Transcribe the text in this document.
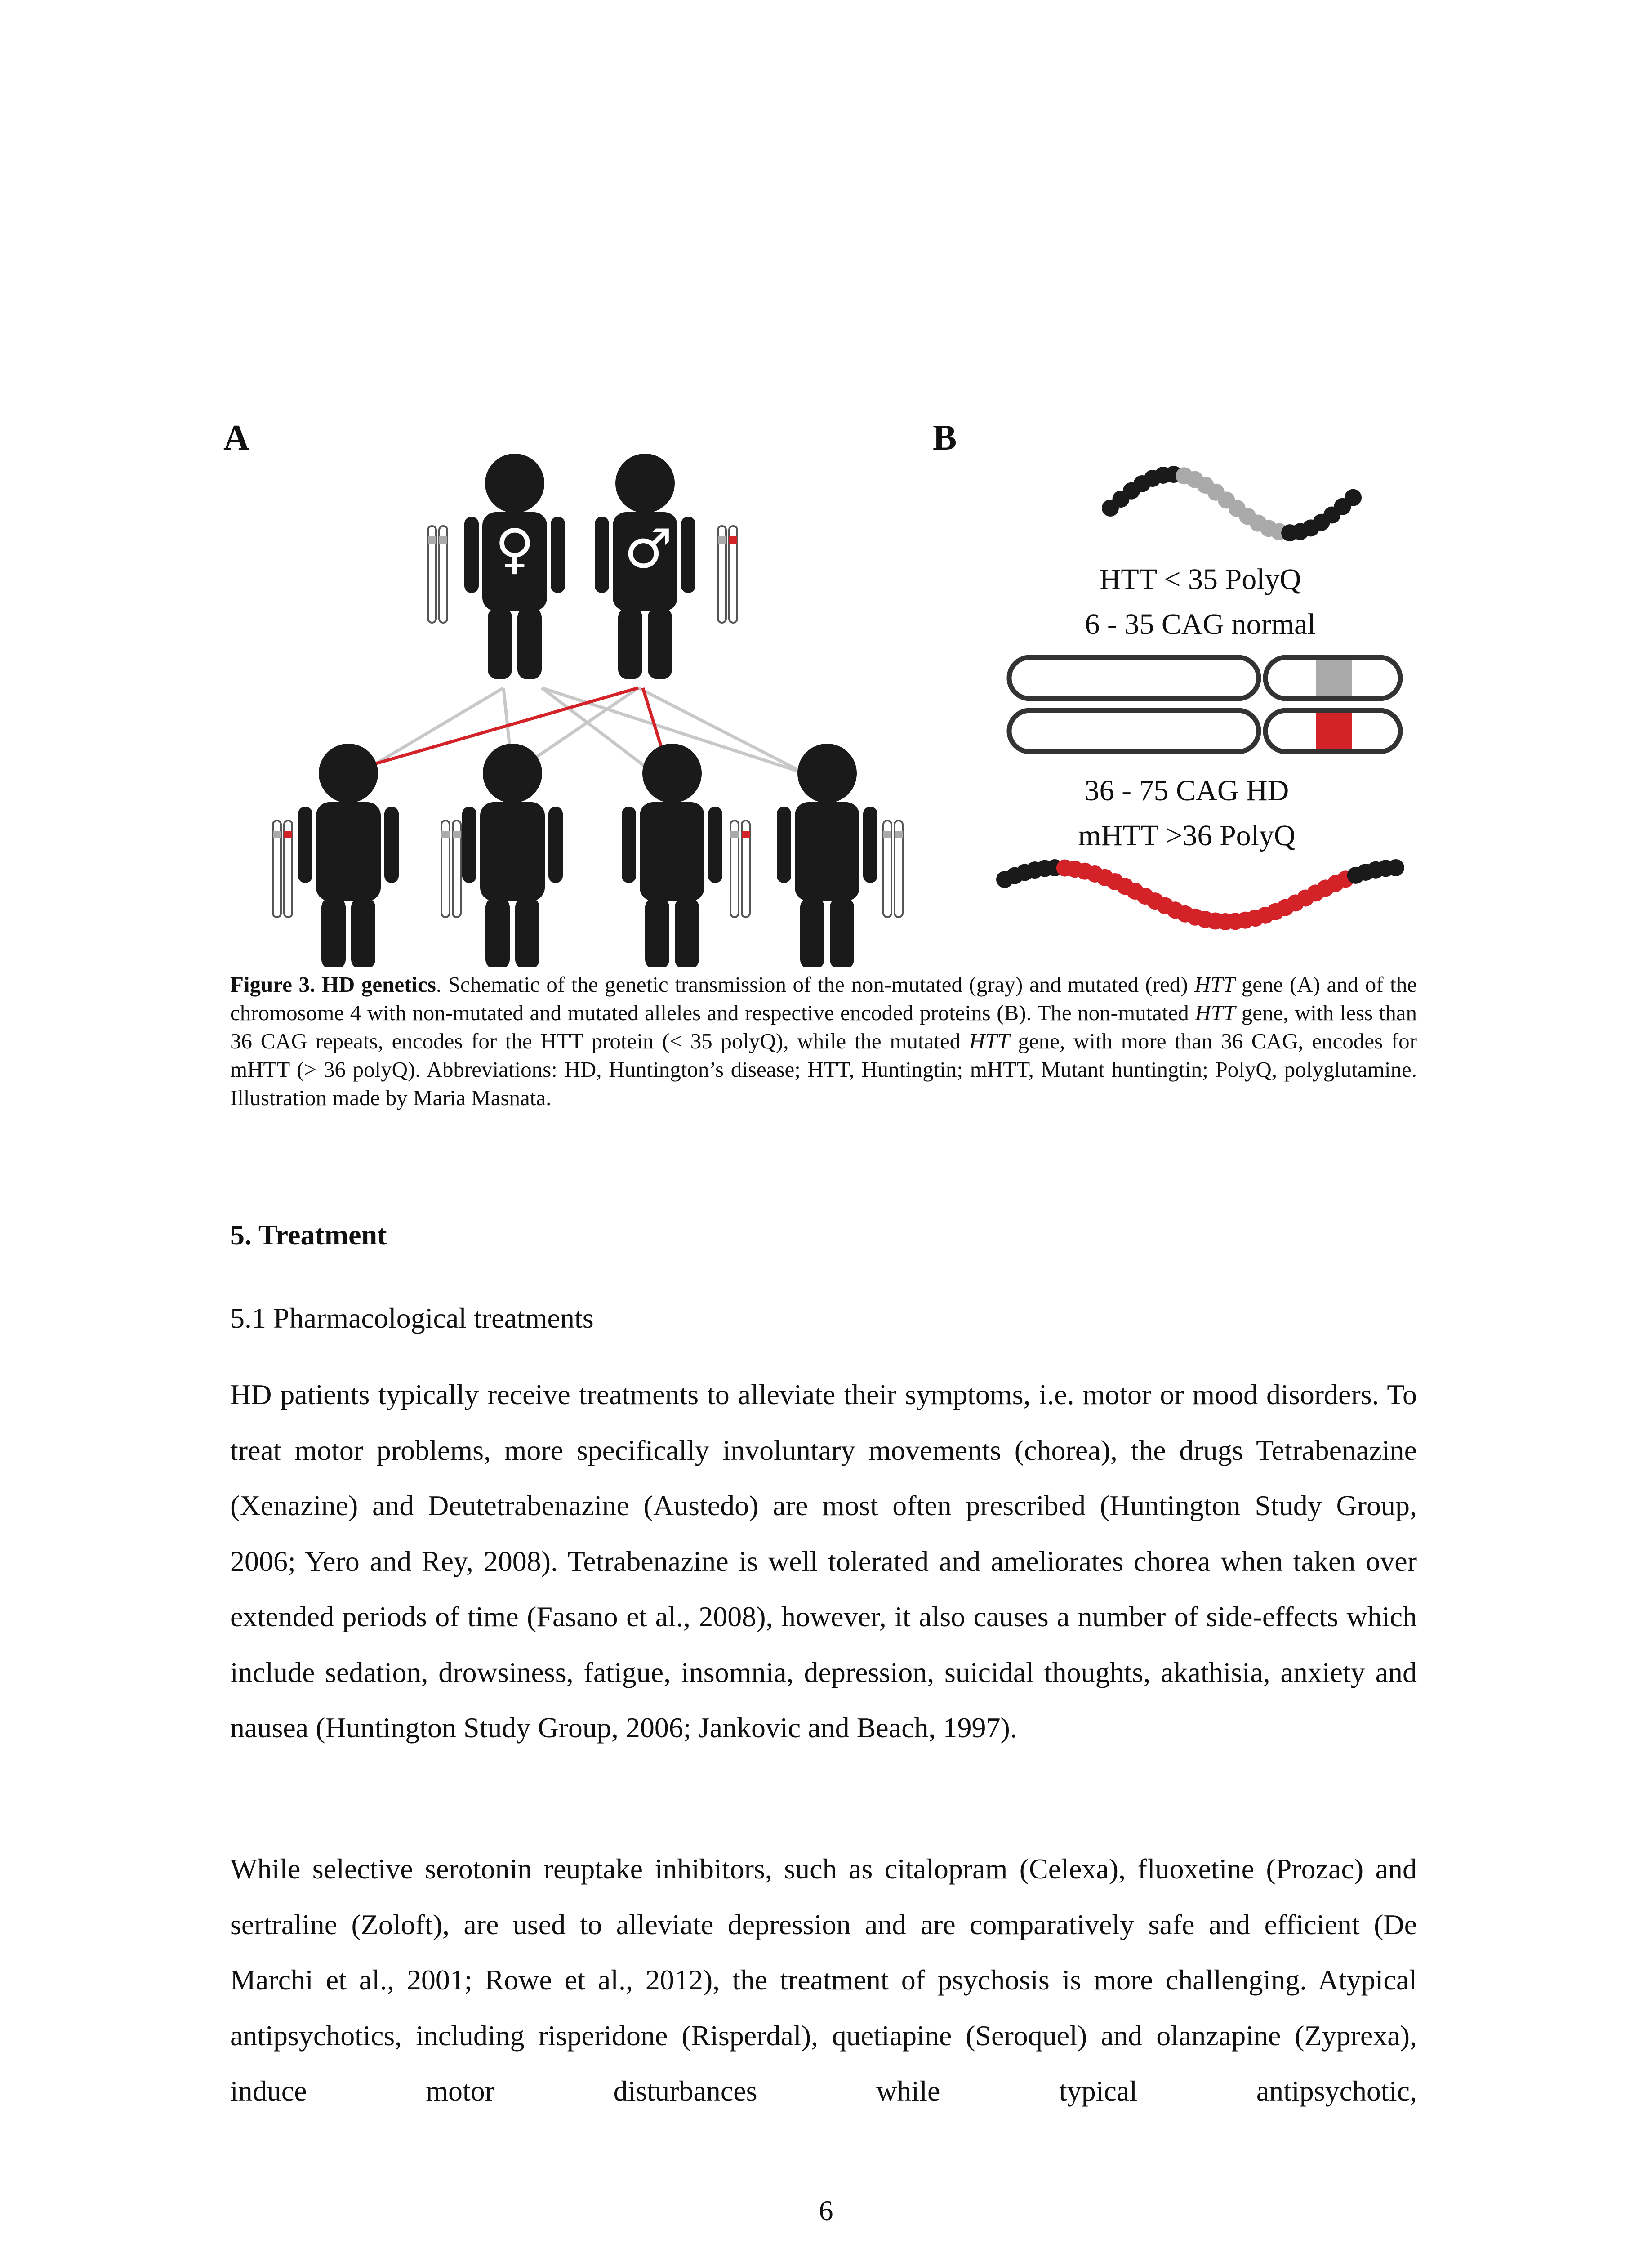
A	B
♀ ♂	HTT < 35 PolyQ
6 - 35 CAG normal
36 - 75 CAG HD
mHTT >36 PolyQ
Figure 3. HD genetics. Schematic of the genetic transmission of the non-mutated (gray) and mutated (red) HTT gene (A) and of the chromosome 4 with non-mutated and mutated alleles and respective encoded proteins (B). The non-mutated HTT gene, with less than 36 CAG repeats, encodes for the HTT protein (< 35 polyQ), while the mutated HTT gene, with more than 36 CAG, encodes for mHTT (> 36 polyQ). Abbreviations: HD, Huntington’s disease; HTT, Huntingtin; mHTT, Mutant huntingtin; PolyQ, polyglutamine. Illustration made by Maria Masnata.
5. Treatment
5.1 Pharmacological treatments

HD patients typically receive treatments to alleviate their symptoms, i.e. motor or mood disorders. To treat motor problems, more specifically involuntary movements (chorea), the drugs Tetrabenazine (Xenazine) and Deutetrabenazine (Austedo) are most often prescribed (Huntington Study Group, 2006; Yero and Rey, 2008). Tetrabenazine is well tolerated and ameliorates chorea when taken over extended periods of time (Fasano et al., 2008), however, it also causes a number of side-effects which include sedation, drowsiness, fatigue, insomnia, depression, suicidal thoughts, akathisia, anxiety and nausea (Huntington Study Group, 2006; Jankovic and Beach, 1997).

While selective serotonin reuptake inhibitors, such as citalopram (Celexa), fluoxetine (Prozac) and sertraline (Zoloft), are used to alleviate depression and are comparatively safe and efficient (De Marchi et al., 2001; Rowe et al., 2012), the treatment of psychosis is more challenging. Atypical antipsychotics, including risperidone (Risperdal), quetiapine (Seroquel) and olanzapine (Zyprexa), induce motor disturbances while typical antipsychotic,

6
